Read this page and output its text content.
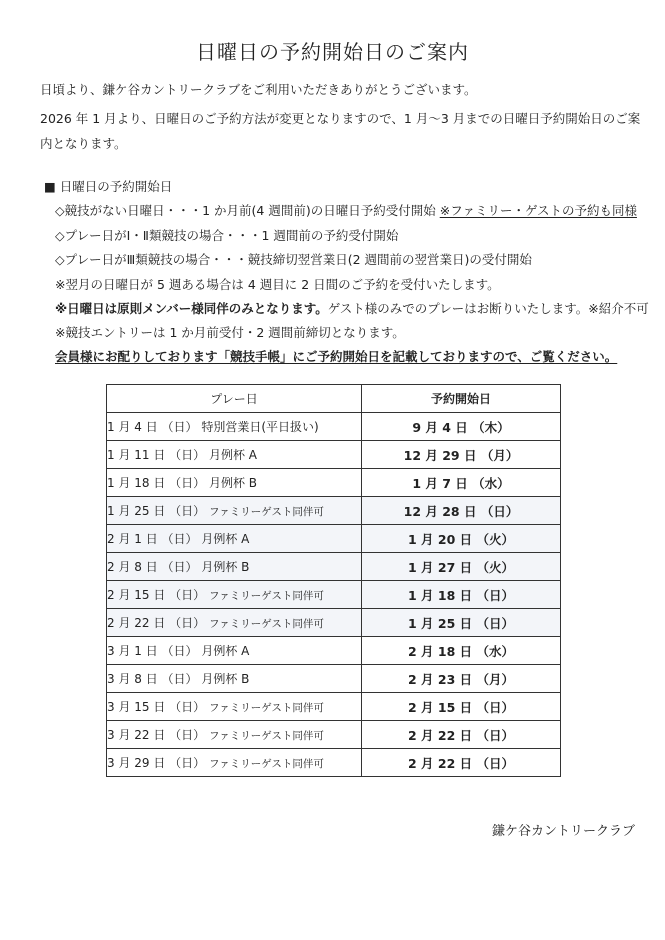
日曜日の予約開始日のご案内
日頃より、鎌ケ谷カントリークラブをご利用いただきありがとうございます。
2026 年 1 月より、日曜日のご予約方法が変更となりますので、1 月～3 月までの日曜日予約開始日のご案
内となります。
■ 日曜日の予約開始日
◇競技がない日曜日・・・1 か月前(4 週間前)の日曜日予約受付開始 ※ファミリー・ゲストの予約も同様
◇プレー日がⅠ・Ⅱ類競技の場合・・・1 週間前の予約受付開始
◇プレー日がⅢ類競技の場合・・・競技締切翌営業日(2 週間前の翌営業日)の受付開始
※翌月の日曜日が 5 週ある場合は 4 週目に 2 日間のご予約を受付いたします。
※日曜日は原則メンバー様同伴のみとなります。ゲスト様のみでのプレーはお断りいたします。※紹介不可
※競技エントリーは 1 か月前受付・2 週間前締切となります。
会員様にお配りしております「競技手帳」にご予約開始日を記載しておりますので、ご覧ください。
プレー日	予約開始日
1 月 4 日 （日） 特別営業日(平日扱い)	9 月 4 日 （木）
1 月 11 日 （日） 月例杯 A	12 月 29 日 （月）
1 月 18 日 （日） 月例杯 B	1 月 7 日 （水）
1 月 25 日 （日） ファミリーゲスト同伴可	12 月 28 日 （日）
2 月 1 日 （日） 月例杯 A	1 月 20 日 （火）
2 月 8 日 （日） 月例杯 B	1 月 27 日 （火）
2 月 15 日 （日） ファミリーゲスト同伴可	1 月 18 日 （日）
2 月 22 日 （日） ファミリーゲスト同伴可	1 月 25 日 （日）
3 月 1 日 （日） 月例杯 A	2 月 18 日 （水）
3 月 8 日 （日） 月例杯 B	2 月 23 日 （月）
3 月 15 日 （日） ファミリーゲスト同伴可	2 月 15 日 （日）
3 月 22 日 （日） ファミリーゲスト同伴可	2 月 22 日 （日）
3 月 29 日 （日） ファミリーゲスト同伴可	2 月 22 日 （日）
鎌ケ谷カントリークラブ
